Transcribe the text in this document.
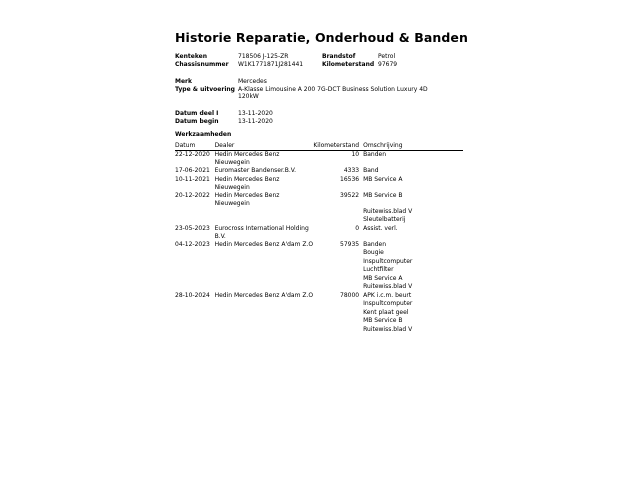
Historie Reparatie, Onderhoud & Banden
Kenteken	718506 J-125-ZR	Brandstof	Petrol
Chassisnummer W1K1771871J281441	Kilometerstand 97679
Merk	Mercedes
Type & uitvoering A-Klasse Limousine A 200 7G-DCT Business Solution Luxury 4D
120kW
Datum deel I	13-11-2020
Datum begin	13-11-2020
Werkzaamheden
Datum	Dealer	Kilometerstand	Omschrijving
22-12-2020	Hedin Mercedes Benz Nieuwegein	10	Banden
17-06-2021	Euromaster Bandenser.B.V.	4333	Band
10-11-2021	Hedin Mercedes Benz Nieuwegein	16536	MB Service A
20-12-2022	Hedin Mercedes Benz Nieuwegein	39522	MB Service B
			Ruitewiss.blad V
			Sleutelbatterij
23-05-2023	Eurocross International Holding B.V.	0	Assist. verl.
04-12-2023	Hedin Mercedes Benz A'dam Z.O	57935	Banden
			Bougie
			Inspultcomputer
			Luchtfilter
			MB Service A
			Ruitewiss.blad V
28-10-2024	Hedin Mercedes Benz A'dam Z.O	78000	APK i.c.m. beurt
			Inspultcomputer
			Kent plaat geel
			MB Service B
			Ruitewiss.blad V
